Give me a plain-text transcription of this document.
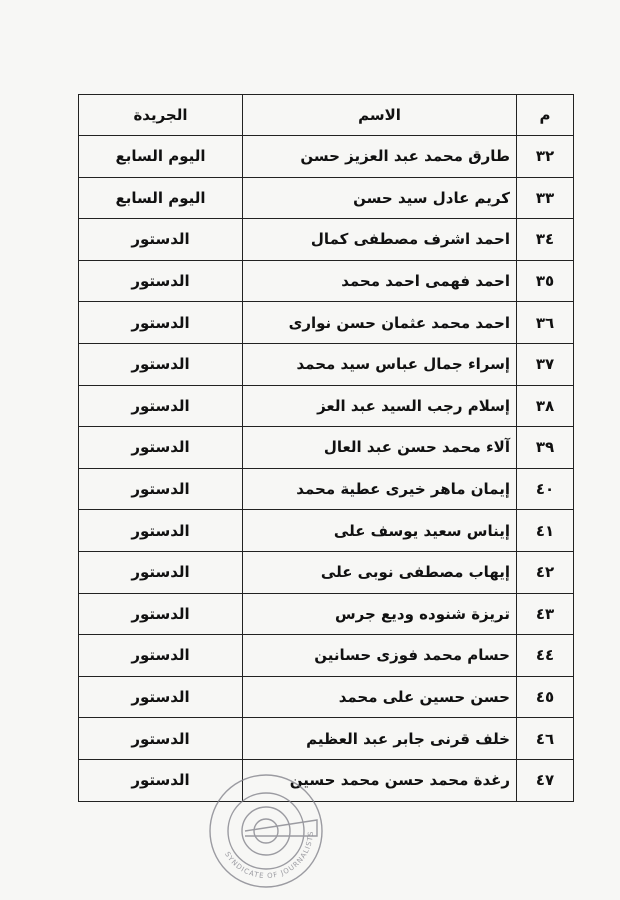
م	الاسم	الجريدة
٣٢	طارق محمد عبد العزيز حسن	اليوم السابع
٣٣	كريم عادل سيد حسن	اليوم السابع
٣٤	احمد اشرف مصطفى كمال	الدستور
٣٥	احمد فهمى احمد محمد	الدستور
٣٦	احمد محمد عثمان حسن نوارى	الدستور
٣٧	إسراء جمال عباس سيد محمد	الدستور
٣٨	إسلام رجب السيد عبد العز	الدستور
٣٩	آلاء محمد حسن عبد العال	الدستور
٤٠	إيمان ماهر خيرى عطية محمد	الدستور
٤١	إيناس سعيد يوسف على	الدستور
٤٢	إيهاب مصطفى نوبى على	الدستور
٤٣	تريزة شنوده وديع جرس	الدستور
٤٤	حسام محمد فوزى حسانين	الدستور
٤٥	حسن حسين على محمد	الدستور
٤٦	خلف قرنى جابر عبد العظيم	الدستور
٤٧	رغدة محمد حسن محمد حسين	الدستور
SYNDICATE OF JOURNALISTS
